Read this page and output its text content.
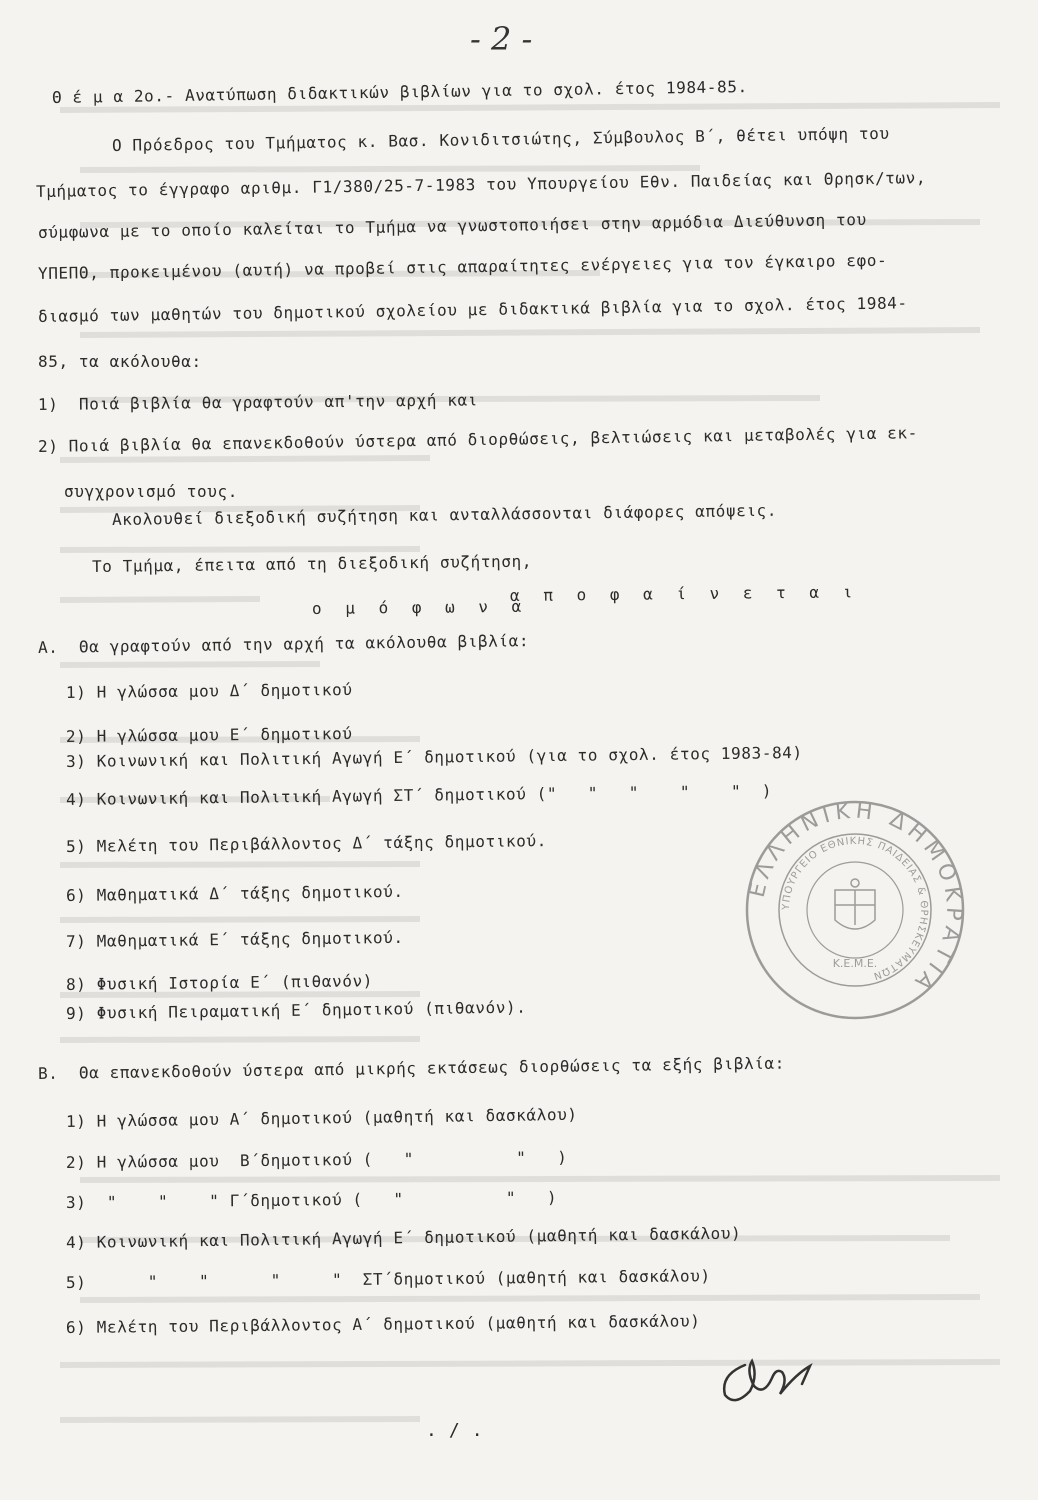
- 2 -
Θ έ μ α 2ο.- Ανατύπωση διδακτικών βιβλίων για το σχολ. έτος 1984-85.
Ο Πρόεδρος του Τμήματος κ. Βασ. Κονιδιτσιώτης, Σύμβουλος Β΄, θέτει υπόψη του
Τμήματος το έγγραφο αριθμ. Γ1/380/25-7-1983 του Υπουργείου Εθν. Παιδείας και Θρησκ/των,
σύμφωνα με το οποίο καλείται το Τμήμα να γνωστοποιήσει στην αρμόδια Διεύθυνση του
ΥΠΕΠΘ, προκειμένου (αυτή) να προβεί στις απαραίτητες ενέργειες για τον έγκαιρο εφο-
διασμό των μαθητών του δημοτικού σχολείου με διδακτικά βιβλία για το σχολ. έτος 1984-
85, τα ακόλουθα:
1)  Ποιά βιβλία θα γραφτούν απ'την αρχή και
2) Ποιά βιβλία θα επανεκδοθούν ύστερα από διορθώσεις, βελτιώσεις και μεταβολές για εκ-
συγχρονισμό τους.
Ακολουθεί διεξοδική συζήτηση και ανταλλάσσονται διάφορες απόψεις.
Το Τμήμα, έπειτα από τη διεξοδική συζήτηση,
ο μ ό φ ω ν α
α π ο φ α ί ν ε τ α ι
Α.  Θα γραφτούν από την αρχή τα ακόλουθα βιβλία:
1) Η γλώσσα μου Δ΄ δημοτικού
2) Η γλώσσα μου Ε΄ δημοτικού
3) Κοινωνική και Πολιτική Αγωγή Ε΄ δημοτικού (για το σχολ. έτος 1983-84)
4) Κοινωνική και Πολιτική Αγωγή ΣΤ΄ δημοτικού ("   "   "    "    "  )
5) Μελέτη του Περιβάλλοντος Δ΄ τάξης δημοτικού.
6) Μαθηματικά Δ΄ τάξης δημοτικού.
7) Μαθηματικά Ε΄ τάξης δημοτικού.
8) Φυσική Ιστορία Ε΄ (πιθανόν)
9) Φυσική Πειραματική Ε΄ δημοτικού (πιθανόν).
Β.  Θα επανεκδοθούν ύστερα από μικρής εκτάσεως διορθώσεις τα εξής βιβλία:
1) Η γλώσσα μου Α΄ δημοτικού (μαθητή και δασκάλου)
2) Η γλώσσα μου  Β΄δημοτικού (   "          "   )
3)  "    "    " Γ΄δημοτικού (   "          "   )
4) Κοινωνική και Πολιτική Αγωγή Ε΄ δημοτικού (μαθητή και δασκάλου)
5)      "    "      "     "  ΣΤ΄δημοτικού (μαθητή και δασκάλου)
6) Μελέτη του Περιβάλλοντος Α΄ δημοτικού (μαθητή και δασκάλου)
ΕΛΛΗΝΙΚΗ ΔΗΜΟΚΡΑΤΙΑ
ΥΠΟΥΡΓΕΙΟ ΕΘΝΙΚΗΣ ΠΑΙΔΕΙΑΣ & ΘΡΗΣΚΕΥΜΑΤΩΝ
Κ.Ε.Μ.Ε.
. / .
